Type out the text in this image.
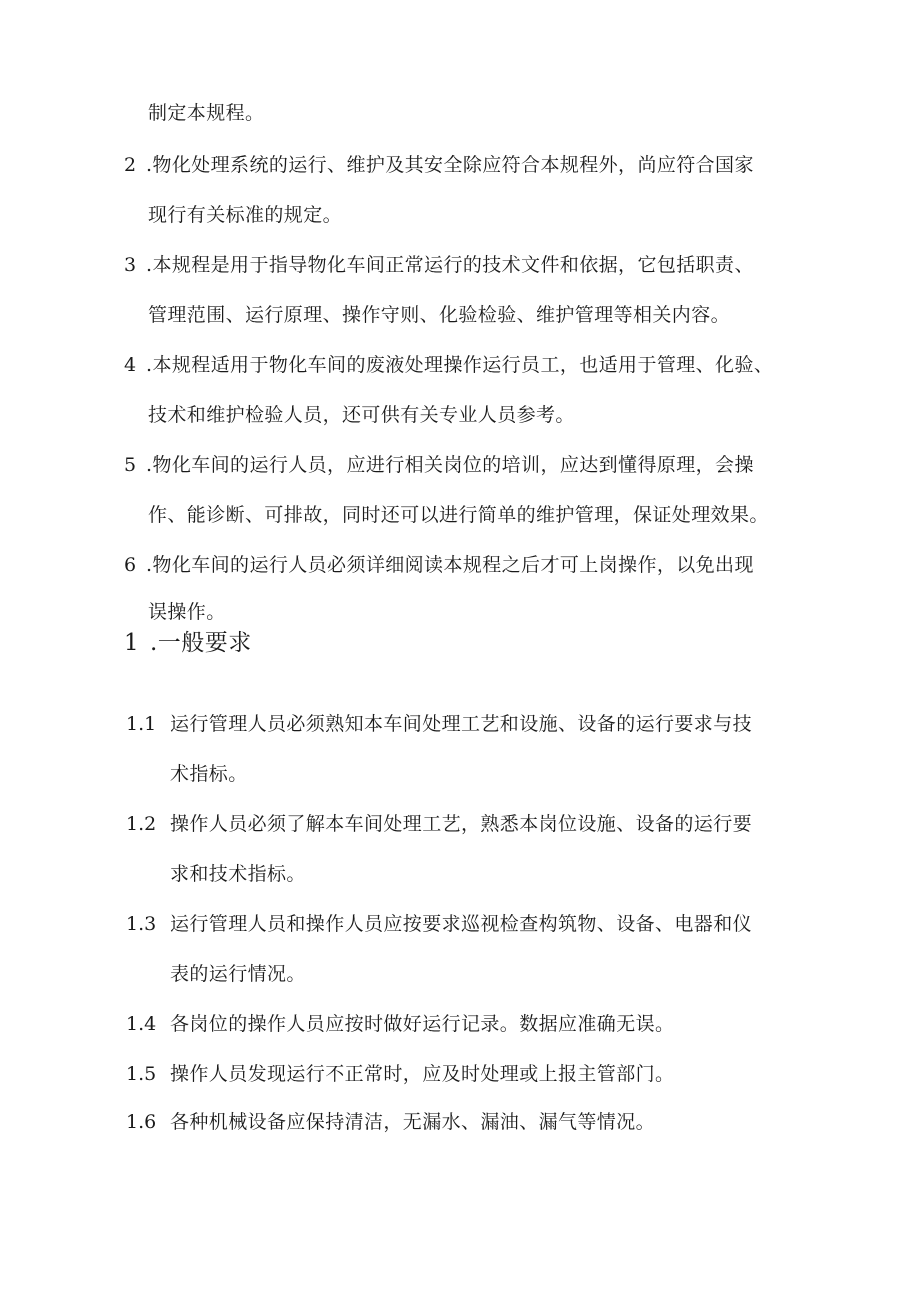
制定本规程。
2 .物化处理系统的运行、维护及其安全除应符合本规程外，尚应符合国家
现行有关标准的规定。
3 .本规程是用于指导物化车间正常运行的技术文件和依据，它包括职责、
管理范围、运行原理、操作守则、化验检验、维护管理等相关内容。
4 .本规程适用于物化车间的废液处理操作运行员工，也适用于管理、化验、
技术和维护检验人员，还可供有关专业人员参考。
5 .物化车间的运行人员，应进行相关岗位的培训，应达到懂得原理，会操
作、能诊断、可排故，同时还可以进行简单的维护管理，保证处理效果。
6 .物化车间的运行人员必须详细阅读本规程之后才可上岗操作，以免出现
误操作。
1 .一般要求
1.1 运行管理人员必须熟知本车间处理工艺和设施、设备的运行要求与技
术指标。
1.2 操作人员必须了解本车间处理工艺，熟悉本岗位设施、设备的运行要
求和技术指标。
1.3 运行管理人员和操作人员应按要求巡视检查构筑物、设备、电器和仪
表的运行情况。
1.4 各岗位的操作人员应按时做好运行记录。数据应准确无误。
1.5 操作人员发现运行不正常时，应及时处理或上报主管部门。
1.6 各种机械设备应保持清洁，无漏水、漏油、漏气等情况。
